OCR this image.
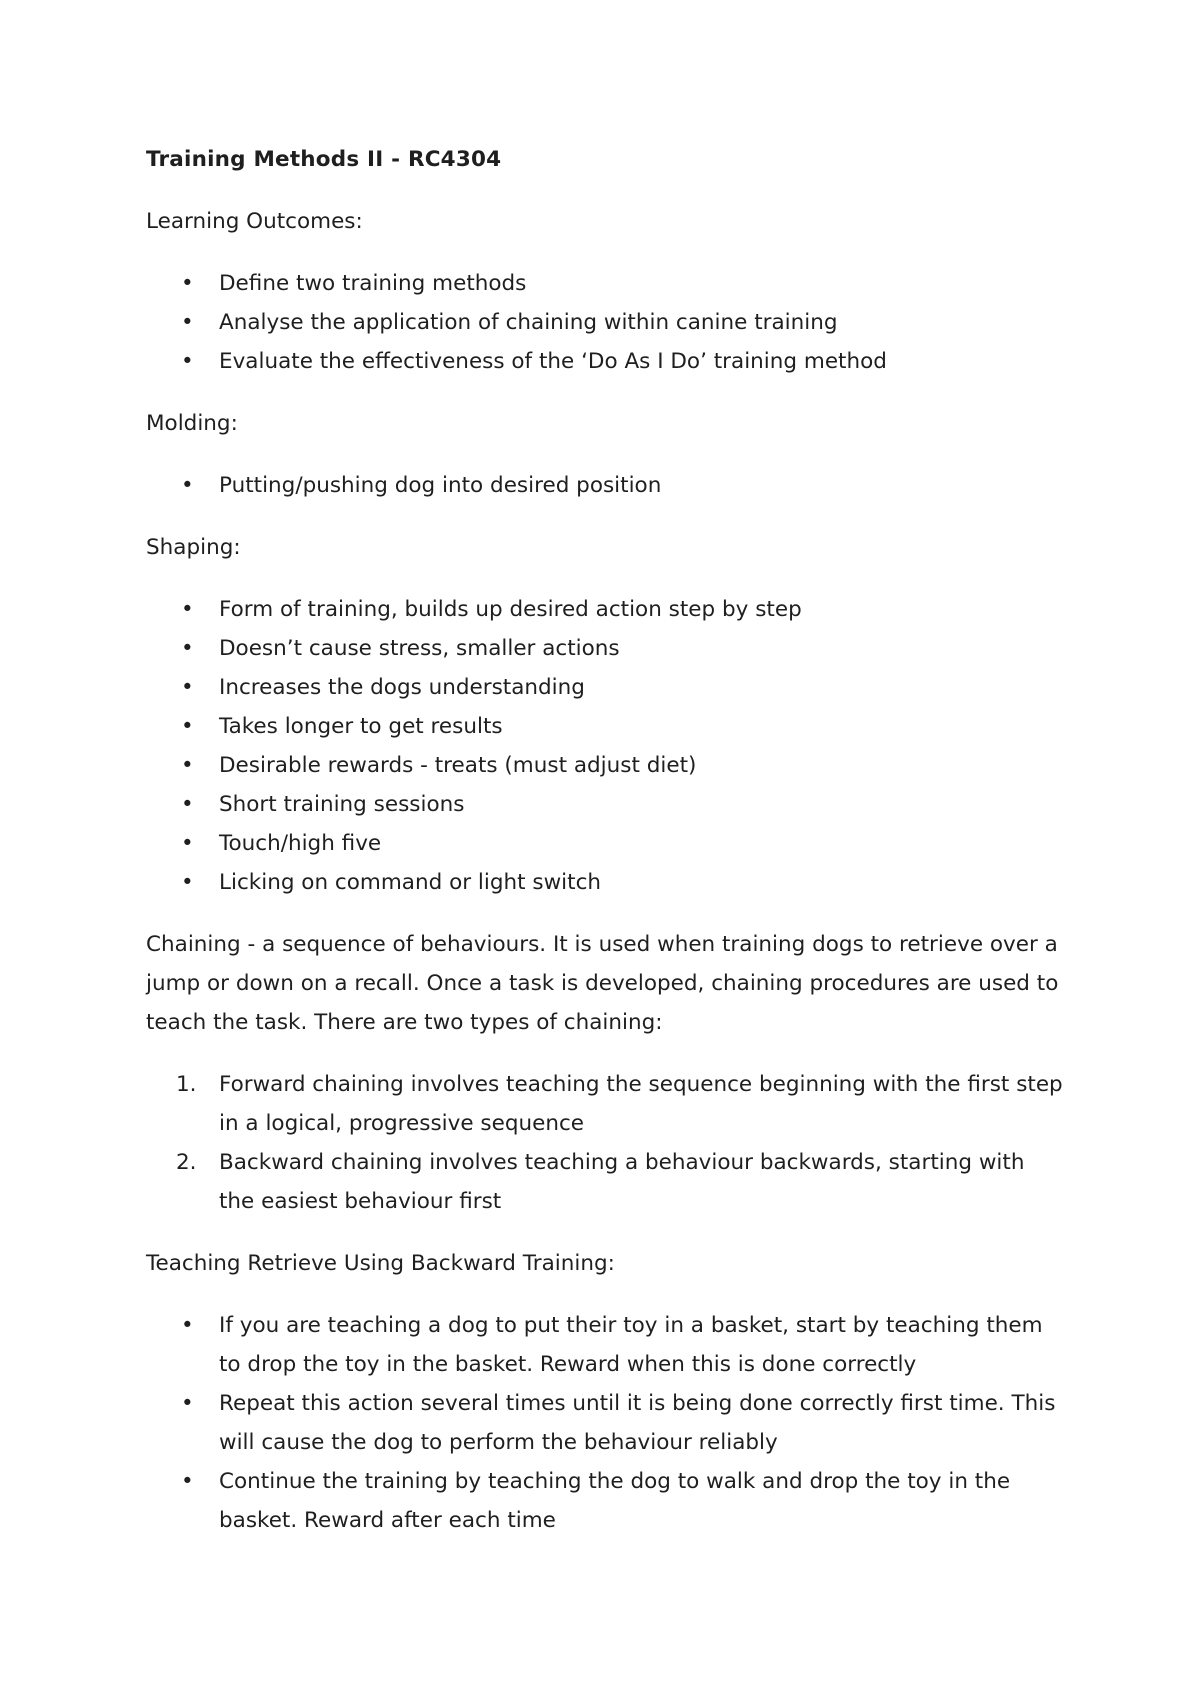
Training Methods II - RC4304

Learning Outcomes:

• Define two training methods
• Analyse the application of chaining within canine training
• Evaluate the effectiveness of the ‘Do As I Do’ training method

Molding:

• Putting/pushing dog into desired position

Shaping:

• Form of training, builds up desired action step by step
• Doesn’t cause stress, smaller actions
• Increases the dogs understanding
• Takes longer to get results
• Desirable rewards - treats (must adjust diet)
• Short training sessions
• Touch/high five
• Licking on command or light switch

Chaining - a sequence of behaviours. It is used when training dogs to retrieve over a jump or down on a recall. Once a task is developed, chaining procedures are used to teach the task. There are two types of chaining:

1. Forward chaining involves teaching the sequence beginning with the first step in a logical, progressive sequence
2. Backward chaining involves teaching a behaviour backwards, starting with the easiest behaviour first

Teaching Retrieve Using Backward Training:

• If you are teaching a dog to put their toy in a basket, start by teaching them to drop the toy in the basket. Reward when this is done correctly
• Repeat this action several times until it is being done correctly first time. This will cause the dog to perform the behaviour reliably
• Continue the training by teaching the dog to walk and drop the toy in the basket. Reward after each time
